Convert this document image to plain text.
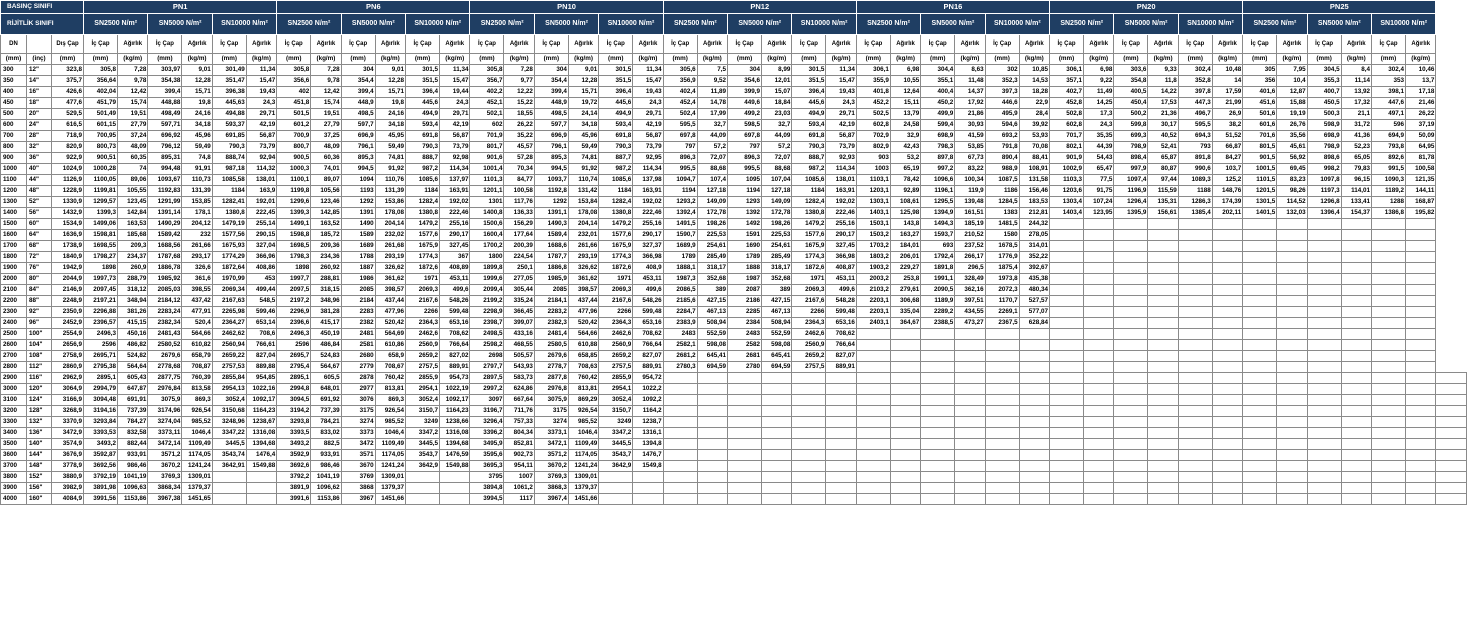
BASINÇ SINIFI			PN1						PN6						PN10						PN12						PN16						PN20						PN25						
RİJİTLİK SINIFI			SN2500 N/m²		SN5000 N/m²		SN10000 N/m²		SN2500 N/m²		SN5000 N/m²		SN10000 N/m²		SN2500 N/m²		SN5000 N/m²		SN10000 N/m²		SN2500 N/m²		SN5000 N/m²		SN10000 N/m²		SN2500 N/m²		SN5000 N/m²		SN10000 N/m²		SN2500 N/m²		SN5000 N/m²		SN10000 N/m²		SN2500 N/m²		SN5000 N/m²		SN10000 N/m²		
DN		Dış Çap	İç Çap	Ağırlık	İç Çap	Ağırlık	İç Çap	Ağırlık	İç Çap	Ağırlık	İç Çap	Ağırlık	İç Çap	Ağırlık	İç Çap	Ağırlık	İç Çap	Ağırlık	İç Çap	Ağırlık	İç Çap	Ağırlık	İç Çap	Ağırlık	İç Çap	Ağırlık	İç Çap	Ağırlık	İç Çap	Ağırlık	İç Çap	Ağırlık	İç Çap	Ağırlık	İç Çap	Ağırlık	İç Çap	Ağırlık	İç Çap	Ağırlık	İç Çap	Ağırlık	İç Çap	Ağırlık	
(mm)	(inç)	(mm)	(mm)	(kg/m)	(mm)	(kg/m)	(mm)	(kg/m)	(mm)	(kg/m)	(mm)	(kg/m)	(mm)	(kg/m)	(mm)	(kg/m)	(mm)	(kg/m)	(mm)	(kg/m)	(mm)	(kg/m)	(mm)	(kg/m)	(mm)	(kg/m)	(mm)	(kg/m)	(mm)	(kg/m)	(mm)	(kg/m)	(mm)	(kg/m)	(mm)	(kg/m)	(mm)	(kg/m)	(mm)	(kg/m)	(mm)	(kg/m)	(mm)	(kg/m)	
300	12"	323,8	305,8	7,28	303,97	9,01	301,49	11,34	305,8	7,28	304	9,01	301,5	11,34	305,8	7,28	304	9,01	301,5	11,34	305,6	7,5	304	8,99	301,5	11,34	306,1	6,98	304,4	8,63	302	10,85	306,1	6,98	303,6	9,33	302,4	10,48	305	7,95	304,5	8,4	302,4	10,46	
350	14"	375,7	356,64	9,78	354,38	12,28	351,47	15,47	356,6	9,78	354,4	12,28	351,5	15,47	356,7	9,77	354,4	12,28	351,5	15,47	356,9	9,52	354,6	12,01	351,5	15,47	355,9	10,55	355,1	11,48	352,3	14,53	357,1	9,22	354,8	11,8	352,8	14	356	10,4	355,3	11,14	353	13,7	
400	16"	426,6	402,04	12,42	399,4	15,71	396,38	19,43	402	12,42	399,4	15,71	396,4	19,44	402,2	12,22	399,4	15,71	396,4	19,43	402,4	11,89	399,9	15,07	396,4	19,43	401,8	12,64	400,4	14,37	397,3	18,28	402,7	11,49	400,5	14,22	397,8	17,59	401,6	12,87	400,7	13,92	398,1	17,18	
450	18"	477,6	451,79	15,74	448,88	19,8	445,63	24,3	451,8	15,74	448,9	19,8	445,6	24,3	452,1	15,22	448,9	19,72	445,6	24,3	452,4	14,78	449,6	18,84	445,6	24,3	452,2	15,11	450,2	17,92	446,6	22,9	452,8	14,25	450,4	17,53	447,3	21,99	451,6	15,88	450,5	17,32	447,6	21,46	
500	20"	529,5	501,49	19,51	498,49	24,16	494,88	29,71	501,5	19,51	498,5	24,16	494,9	29,71	502,1	18,55	498,5	24,14	494,9	29,71	502,4	17,99	499,2	23,03	494,9	29,71	502,5	13,79	499,9	21,86	495,9	28,4	502,8	17,3	500,2	21,36	496,7	26,9	501,6	19,19	500,3	21,1	497,1	26,22	
600	24"	616,5	601,15	27,79	597,71	34,18	593,37	42,19	601,2	27,79	597,7	34,18	593,4	42,19	602	26,22	597,7	34,18	593,4	42,19	595,5	32,7	598,5	32,7	593,4	42,19	602,8	24,58	599,4	30,93	594,6	39,92	602,8	24,3	599,8	30,17	595,5	38,2	601,6	26,76	598,9	31,72	596	37,19	
700	28"	718,9	700,95	37,24	696,92	45,96	691,85	56,87	700,9	37,25	696,9	45,95	691,8	56,87	701,9	35,22	696,9	45,96	691,8	56,87	697,8	44,09	697,8	44,09	691,8	56,87	702,9	32,9	698,9	41,59	693,2	53,93	701,7	35,35	699,3	40,52	694,3	51,52	701,6	35,56	698,9	41,36	694,9	50,09	
800	32"	820,9	800,73	48,09	796,12	59,49	790,3	73,79	800,7	48,09	796,1	59,49	790,3	73,79	801,7	45,57	796,1	59,49	790,3	73,79	797	57,2	797	57,2	790,3	73,79	802,9	42,43	798,3	53,85	791,8	70,08	802,1	44,39	798,9	52,41	793	66,87	801,5	45,61	798,9	52,23	793,8	64,95	
900	36"	922,9	900,51	60,35	895,31	74,8	888,74	92,94	900,5	60,36	895,3	74,81	888,7	92,98	901,6	57,28	895,3	74,81	887,7	92,95	896,3	72,07	896,3	72,07	888,7	92,93	903	53,2	897,8	67,73	890,4	88,41	901,9	54,43	898,4	65,87	891,8	84,27	901,5	56,92	898,6	65,05	892,6	81,78	
1000	40"	1024,9	1000,28	74	994,48	91,91	987,18	114,32	1000,3	74,01	994,5	91,92	987,2	114,34	1001,4	70,34	994,5	91,92	987,2	114,34	995,5	88,68	995,5	88,68	987,2	114,34	1003	65,19	997,2	83,22	988,9	108,91	1002,9	65,47	997,9	80,87	990,6	103,7	1001,5	69,45	998,2	79,83	991,5	100,58	
1100	44"	1126,9	1100,05	89,06	1093,67	110,73	1085,58	138,01	1100,1	89,07	1094	110,76	1085,6	137,97	1101,3	84,77	1093,7	110,74	1085,6	137,98	1094,7	107,4	1095	107,04	1085,6	138,01	1103,1	78,42	1096,6	100,34	1087,5	131,58	1103,3	77,5	1097,4	97,44	1089,3	125,2	1101,5	83,23	1097,8	96,15	1090,3	121,35	
1200	48"	1228,9	1199,81	105,55	1192,83	131,39	1184	163,9	1199,8	105,56	1193	131,39	1184	163,91	1201,1	100,58	1192,8	131,42	1184	163,91	1194	127,18	1194	127,18	1184	163,91	1203,1	92,89	1196,1	119,9	1186	156,46	1203,6	91,75	1196,9	115,59	1188	148,76	1201,5	98,26	1197,3	114,01	1189,2	144,11	
1300	52"	1330,9	1299,57	123,45	1291,99	153,85	1282,41	192,01	1299,6	123,46	1292	153,86	1282,4	192,02	1301	117,76	1292	153,84	1282,4	192,02	1293,2	149,09	1293	149,09	1282,4	192,02	1303,1	108,61	1295,5	139,48	1284,5	183,53	1303,4	107,24	1296,4	135,31	1286,3	174,39	1301,5	114,52	1296,8	133,41	1288	168,87	
1400	56"	1432,9	1399,3	142,84	1391,14	178,1	1380,8	222,45	1399,3	142,85	1391	178,08	1380,8	222,46	1400,8	136,33	1391,1	178,08	1380,8	222,46	1392,4	172,78	1392	172,78	1380,8	222,46	1403,1	125,98	1394,9	161,51	1383	212,81	1403,4	123,95	1395,9	156,61	1385,4	202,11	1401,5	132,03	1396,4	154,37	1386,8	195,82	
1500	60"	1534,9	1499,06	163,53	1490,29	204,12	1479,19	255,14	1499,1	163,52	1490	204,14	1479,2	255,16	1500,6	156,29	1490,3	204,14	1479,2	255,16	1491,5	198,26	1492	198,26	1479,2	255,16	1503,1	143,8	1494,3	185,19	1481,5	244,32													
1600	64"	1636,9	1598,81	185,68	1589,42	232	1577,56	290,15	1598,8	185,72	1589	232,02	1577,6	290,17	1600,4	177,64	1589,4	232,01	1577,6	290,17	1590,7	225,53	1591	225,53	1577,6	290,17	1503,2	163,27	1593,7	210,52	1580	278,05													
1700	68"	1738,9	1698,55	209,3	1688,56	261,66	1675,93	327,04	1698,5	209,36	1689	261,68	1675,9	327,45	1700,2	200,39	1688,6	261,66	1675,9	327,37	1689,9	254,61	1690	254,61	1675,9	327,45	1703,2	184,01	693	237,52	1678,5	314,01													
1800	72"	1840,9	1798,27	234,37	1787,68	293,17	1774,29	366,96	1798,3	234,36	1788	293,19	1774,3	367	1800	224,54	1787,7	293,19	1774,3	366,98	1789	285,49	1789	285,49	1774,3	366,98	1803,2	206,01	1792,4	266,17	1776,9	352,22													
1900	76"	1942,9	1898	260,9	1886,78	326,6	1872,64	408,86	1898	260,92	1887	326,62	1872,6	408,89	1899,8	250,1	1886,8	326,62	1872,6	408,9	1888,1	318,17	1888	318,17	1872,6	408,87	1903,2	229,27	1891,8	296,5	1875,4	392,67													
2000	80"	2044,9	1997,73	288,79	1985,92	361,6	1970,99	453	1997,7	288,81	1986	361,62	1971	453,11	1999,6	277,05	1985,9	361,62	1971	453,11	1987,3	352,68	1987	352,68	1971	453,11	2003,2	253,8	1991,1	328,49	1973,8	435,38													
2100	84"	2146,9	2097,45	318,12	2085,03	398,55	2069,34	499,44	2097,5	318,15	2085	398,57	2069,3	499,6	2099,4	305,44	2085	398,57	2069,3	499,6	2086,5	389	2087	389	2069,3	499,6	2103,2	279,61	2090,5	362,16	2072,3	480,34													
2200	88"	2248,9	2197,21	348,94	2184,12	437,42	2167,63	548,5	2197,2	348,96	2184	437,44	2167,6	548,26	2199,2	335,24	2184,1	437,44	2167,6	548,26	2185,6	427,15	2186	427,15	2167,6	548,28	2203,1	306,68	1189,9	397,51	1170,7	527,57													
2300	92"	2350,9	2296,88	381,26	2283,24	477,91	2265,98	599,46	2296,9	381,28	2283	477,96	2266	599,48	2298,9	366,45	2283,2	477,96	2266	599,48	2284,7	467,13	2285	467,13	2266	599,48	2203,1	335,04	2289,2	434,55	2269,1	577,07													
2400	96"	2452,9	2396,57	415,15	2382,34	520,4	2364,27	653,14	2396,6	415,17	2382	520,42	2364,3	653,16	2398,7	399,07	2382,3	520,42	2364,3	653,16	2383,9	508,94	2384	508,94	2364,3	653,16	2403,1	364,67	2388,5	473,27	2367,5	628,84													
2500	100"	2554,9	2496,3	450,16	2481,43	564,66	2462,62	708,6	2496,3	450,19	2481	564,69	2462,6	708,62	2498,5	433,16	2481,4	564,66	2462,6	708,62	2483	552,59	2483	552,59	2462,6	708,62																			
2600	104"	2656,9	2596	486,82	2580,52	610,82	2560,94	766,61	2596	486,84	2581	610,86	2560,9	766,64	2598,2	468,55	2580,5	610,88	2560,9	766,64	2582,1	598,08	2582	598,08	2560,9	766,64																			
2700	108"	2758,9	2695,71	524,82	2679,6	658,79	2659,22	827,04	2695,7	524,83	2680	658,9	2659,2	827,02	2698	505,57	2679,6	658,85	2659,2	827,07	2681,2	645,41	2681	645,41	2659,2	827,07																			
2800	112"	2860,9	2795,38	564,64	2778,68	708,87	2757,53	889,88	2795,4	564,67	2779	708,67	2757,5	889,91	2797,7	543,93	2778,7	708,63	2757,5	889,91	2780,3	694,59	2780	694,59	2757,5	889,91																			
2900	116"	2962,9	2895,1	605,43	2877,75	760,39	2855,84	954,85	2895,1	605,5	2878	760,42	2855,9	954,73	2897,5	583,73	2877,8	760,42	2855,9	954,72																									
3000	120"	3064,9	2994,79	647,87	2976,84	813,58	2954,13	1022,16	2994,8	648,01	2977	813,81	2954,1	1022,19	2997,2	624,86	2976,8	813,81	2954,1	1022,2																									
3100	124"	3166,9	3094,48	691,91	3075,9	869,3	3052,4	1092,17	3094,5	691,92	3076	869,3	3052,4	1092,17	3097	667,64	3075,9	869,29	3052,4	1092,2																									
3200	128"	3268,9	3194,16	737,39	3174,96	926,54	3150,68	1164,23	3194,2	737,39	3175	926,54	3150,7	1164,23	3196,7	711,76	3175	926,54	3150,7	1164,2																									
3300	132"	3370,9	3293,84	784,27	3274,04	985,52	3248,96	1238,67	3293,8	784,21	3274	985,52	3249	1238,66	3296,4	757,33	3274	985,52	3249	1238,7																									
3400	136"	3472,9	3393,53	832,58	3373,11	1046,4	3347,22	1316,08	3393,5	833,02	3373	1046,4	3347,2	1316,08	3396,2	804,34	3373,1	1046,4	3347,2	1316,1																									
3500	140"	3574,9	3493,2	882,44	3472,14	1109,49	3445,5	1394,68	3493,2	882,5	3472	1109,49	3445,5	1394,68	3495,9	852,81	3472,1	1109,49	3445,5	1394,8																									
3600	144"	3676,9	3592,87	933,91	3571,2	1174,05	3543,74	1476,4	3592,9	933,91	3571	1174,05	3543,7	1476,59	3595,6	902,73	3571,2	1174,05	3543,7	1476,7																									
3700	148"	3778,9	3692,56	986,46	3670,2	1241,24	3642,91	1549,88	3692,6	986,46	3670	1241,24	3642,9	1549,88	3695,3	954,11	3670,2	1241,24	3642,9	1549,8																									
3800	152"	3880,9	3792,19	1041,19	3769,3	1309,01			3792,2	1041,19	3769	1309,01			3795	1007	3769,3	1309,01																											
3900	156"	3982,9	3891,98	1096,63	3868,34	1379,37			3891,9	1096,62	3868	1379,37			3894,8	1061,2	3868,3	1379,37																											
4000	160"	4084,9	3991,56	1153,86	3967,38	1451,65			3991,6	1153,86	3967	1451,66			3994,5	1117	3967,4	1451,66																											
